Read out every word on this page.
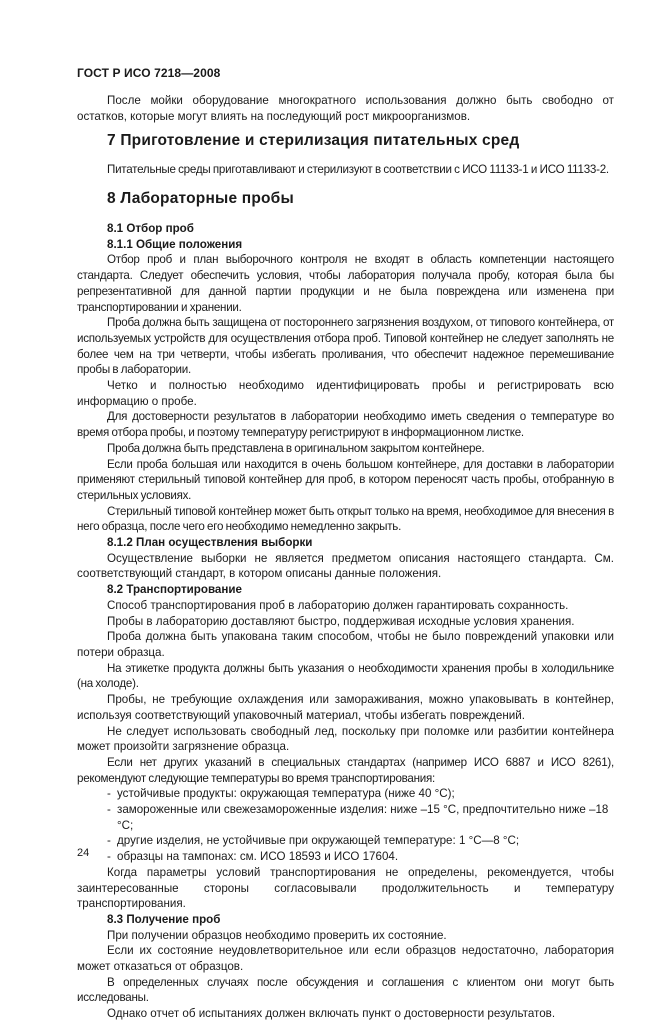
ГОСТ Р ИСО 7218—2008

После мойки оборудование многократного использования должно быть свободно от остатков, которые могут влиять на последующий рост микроорганизмов.

7 Приготовление и стерилизация питательных сред

Питательные среды приготавливают и стерилизуют в соответствии с ИСО 11133-1 и ИСО 11133-2.

8 Лабораторные пробы

8.1 Отбор проб

8.1.1 Общие положения

Отбор проб и план выборочного контроля не входят в область компетенции настоящего стандарта. Следует обеспечить условия, чтобы лаборатория получала пробу, которая была бы репрезентативной для данной партии продукции и не была повреждена или изменена при транспортировании и хранении.

Проба должна быть защищена от постороннего загрязнения воздухом, от типового контейнера, от используемых устройств для осуществления отбора проб. Типовой контейнер не следует заполнять не более чем на три четверти, чтобы избегать проливания, что обеспечит надежное перемешивание пробы в лаборатории.

Четко и полностью необходимо идентифицировать пробы и регистрировать всю информацию о пробе.

Для достоверности результатов в лаборатории необходимо иметь сведения о температуре во время отбора пробы, и поэтому температуру регистрируют в информационном листке.

Проба должна быть представлена в оригинальном закрытом контейнере.

Если проба большая или находится в очень большом контейнере, для доставки в лаборатории применяют стерильный типовой контейнер для проб, в котором переносят часть пробы, отобранную в стерильных условиях.

Стерильный типовой контейнер может быть открыт только на время, необходимое для внесения в него образца, после чего его необходимо немедленно закрыть.

8.1.2 План осуществления выборки

Осуществление выборки не является предметом описания настоящего стандарта. См. соответствующий стандарт, в котором описаны данные положения.

8.2 Транспортирование

Способ транспортирования проб в лабораторию должен гарантировать сохранность.

Пробы в лабораторию доставляют быстро, поддерживая исходные условия хранения.

Проба должна быть упакована таким способом, чтобы не было повреждений упаковки или потери образца.

На этикетке продукта должны быть указания о необходимости хранения пробы в холодильнике (на холоде).

Пробы, не требующие охлаждения или замораживания, можно упаковывать в контейнер, используя соответствующий упаковочный материал, чтобы избегать повреждений.

Не следует использовать свободный лед, поскольку при поломке или разбитии контейнера может произойти загрязнение образца.

Если нет других указаний в специальных стандартах (например ИСО 6887 и ИСО 8261), рекомендуют следующие температуры во время транспортирования:

- устойчивые продукты: окружающая температура (ниже 40 °С);

- замороженные или свежезамороженные изделия: ниже –15 °С, предпочтительно ниже –18 °С;

- другие изделия, не устойчивые при окружающей температуре: 1 °С—8 °С;

- образцы на тампонах: см. ИСО 18593 и ИСО 17604.

Когда параметры условий транспортирования не определены, рекомендуется, чтобы заинтересованные стороны согласовывали продолжительность и температуру транспортирования.

8.3 Получение проб

При получении образцов необходимо проверить их состояние.

Если их состояние неудовлетворительное или если образцов недостаточно, лаборатория может отказаться от образцов.

В определенных случаях после обсуждения и соглашения с клиентом они могут быть исследованы.

Однако отчет об испытаниях должен включать пункт о достоверности результатов.

24
